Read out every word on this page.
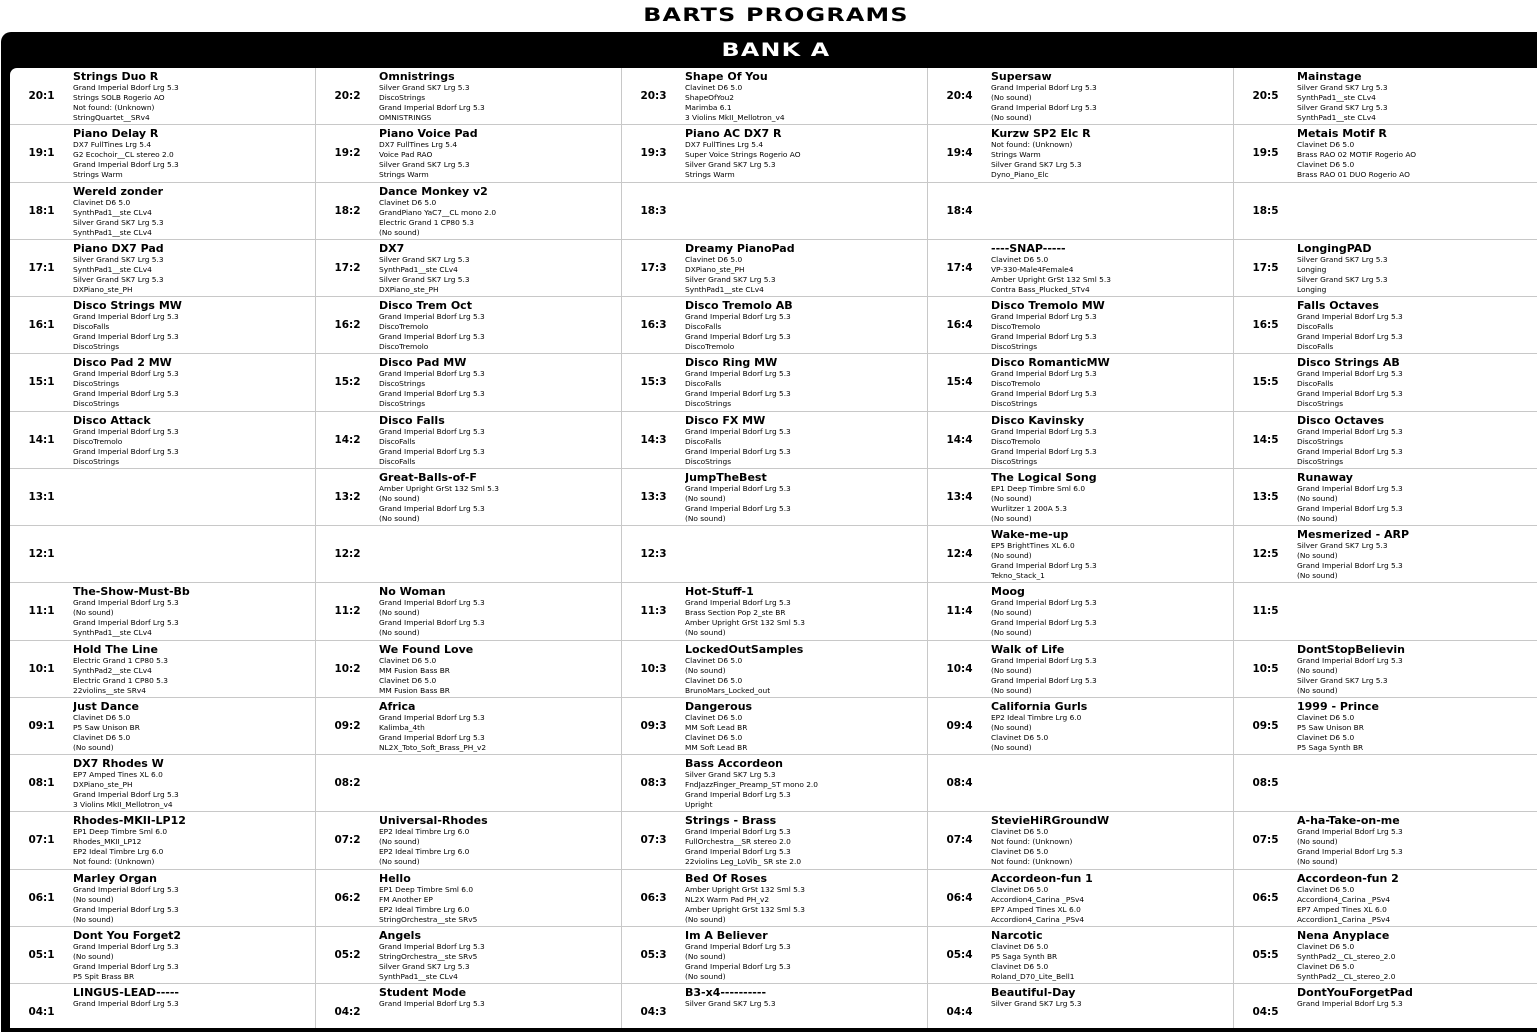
BARTS PROGRAMS
BANK A
20:1
Strings Duo R
Grand Imperial Bdorf Lrg 5.3
Strings SOLB Rogerio AO
Not found: (Unknown)
StringQuartet__SRv4
20:2
Omnistrings
Silver Grand SK7 Lrg 5.3
DiscoStrings
Grand Imperial Bdorf Lrg 5.3
OMNISTRINGS
20:3
Shape Of You
Clavinet D6 5.0
ShapeOfYou2
Marimba 6.1
3 Violins MkII_Mellotron_v4
20:4
Supersaw
Grand Imperial Bdorf Lrg 5.3
(No sound)
Grand Imperial Bdorf Lrg 5.3
(No sound)
20:5
Mainstage
Silver Grand SK7 Lrg 5.3
SynthPad1__ste CLv4
Silver Grand SK7 Lrg 5.3
SynthPad1__ste CLv4
19:1
Piano Delay R
DX7 FullTines Lrg 5.4
G2 Ecochoir__CL stereo 2.0
Grand Imperial Bdorf Lrg 5.3
Strings Warm
19:2
Piano Voice Pad
DX7 FullTines Lrg 5.4
Voice Pad RAO
Silver Grand SK7 Lrg 5.3
Strings Warm
19:3
Piano AC DX7 R
DX7 FullTines Lrg 5.4
Super Voice Strings Rogerio AO
Silver Grand SK7 Lrg 5.3
Strings Warm
19:4
Kurzw SP2 Elc R
Not found: (Unknown)
Strings Warm
Silver Grand SK7 Lrg 5.3
Dyno_Piano_Elc
19:5
Metais Motif R
Clavinet D6 5.0
Brass RAO 02 MOTIF Rogerio AO
Clavinet D6 5.0
Brass RAO 01 DUO Rogerio AO
18:1
Wereld zonder
Clavinet D6 5.0
SynthPad1__ste CLv4
Silver Grand SK7 Lrg 5.3
SynthPad1__ste CLv4
18:2
Dance Monkey v2
Clavinet D6 5.0
GrandPiano YaC7__CL mono 2.0
Electric Grand 1 CP80 5.3
(No sound)
18:3	18:4	18:5
17:1
Piano DX7 Pad
Silver Grand SK7 Lrg 5.3
SynthPad1__ste CLv4
Silver Grand SK7 Lrg 5.3
DXPiano_ste_PH
17:2
DX7
Silver Grand SK7 Lrg 5.3
SynthPad1__ste CLv4
Silver Grand SK7 Lrg 5.3
DXPiano_ste_PH
17:3
Dreamy PianoPad
Clavinet D6 5.0
DXPiano_ste_PH
Silver Grand SK7 Lrg 5.3
SynthPad1__ste CLv4
17:4
----SNAP-----
Clavinet D6 5.0
VP-330-Male4Female4
Amber Upright GrSt 132 Sml 5.3
Contra Bass_Plucked_STv4
17:5
LongingPAD
Silver Grand SK7 Lrg 5.3
Longing
Silver Grand SK7 Lrg 5.3
Longing
16:1
Disco Strings MW
Grand Imperial Bdorf Lrg 5.3
DiscoFalls
Grand Imperial Bdorf Lrg 5.3
DiscoStrings
16:2
Disco Trem Oct
Grand Imperial Bdorf Lrg 5.3
DiscoTremolo
Grand Imperial Bdorf Lrg 5.3
DiscoTremolo
16:3
Disco Tremolo AB
Grand Imperial Bdorf Lrg 5.3
DiscoFalls
Grand Imperial Bdorf Lrg 5.3
DiscoTremolo
16:4
Disco Tremolo MW
Grand Imperial Bdorf Lrg 5.3
DiscoTremolo
Grand Imperial Bdorf Lrg 5.3
DiscoStrings
16:5
Falls Octaves
Grand Imperial Bdorf Lrg 5.3
DiscoFalls
Grand Imperial Bdorf Lrg 5.3
DiscoFalls
15:1
Disco Pad 2 MW
Grand Imperial Bdorf Lrg 5.3
DiscoStrings
Grand Imperial Bdorf Lrg 5.3
DiscoStrings
15:2
Disco Pad MW
Grand Imperial Bdorf Lrg 5.3
DiscoStrings
Grand Imperial Bdorf Lrg 5.3
DiscoStrings
15:3
Disco Ring MW
Grand Imperial Bdorf Lrg 5.3
DiscoFalls
Grand Imperial Bdorf Lrg 5.3
DiscoStrings
15:4
Disco RomanticMW
Grand Imperial Bdorf Lrg 5.3
DiscoTremolo
Grand Imperial Bdorf Lrg 5.3
DiscoStrings
15:5
Disco Strings AB
Grand Imperial Bdorf Lrg 5.3
DiscoFalls
Grand Imperial Bdorf Lrg 5.3
DiscoStrings
14:1
Disco Attack
Grand Imperial Bdorf Lrg 5.3
DiscoTremolo
Grand Imperial Bdorf Lrg 5.3
DiscoStrings
14:2
Disco Falls
Grand Imperial Bdorf Lrg 5.3
DiscoFalls
Grand Imperial Bdorf Lrg 5.3
DiscoFalls
14:3
Disco FX MW
Grand Imperial Bdorf Lrg 5.3
DiscoFalls
Grand Imperial Bdorf Lrg 5.3
DiscoStrings
14:4
Disco Kavinsky
Grand Imperial Bdorf Lrg 5.3
DiscoTremolo
Grand Imperial Bdorf Lrg 5.3
DiscoStrings
14:5
Disco Octaves
Grand Imperial Bdorf Lrg 5.3
DiscoStrings
Grand Imperial Bdorf Lrg 5.3
DiscoStrings
13:1	13:2
Great-Balls-of-F
Amber Upright GrSt 132 Sml 5.3
(No sound)
Grand Imperial Bdorf Lrg 5.3
(No sound)
13:3
JumpTheBest
Grand Imperial Bdorf Lrg 5.3
(No sound)
Grand Imperial Bdorf Lrg 5.3
(No sound)
13:4
The Logical Song
EP1 Deep Timbre Sml 6.0
(No sound)
Wurlitzer 1 200A 5.3
(No sound)
13:5
Runaway
Grand Imperial Bdorf Lrg 5.3
(No sound)
Grand Imperial Bdorf Lrg 5.3
(No sound)
12:1	12:2	12:3	12:4
Wake-me-up
EP5 BrightTines XL 6.0
(No sound)
Grand Imperial Bdorf Lrg 5.3
Tekno_Stack_1
12:5
Mesmerized - ARP
Silver Grand SK7 Lrg 5.3
(No sound)
Grand Imperial Bdorf Lrg 5.3
(No sound)
11:1
The-Show-Must-Bb
Grand Imperial Bdorf Lrg 5.3
(No sound)
Grand Imperial Bdorf Lrg 5.3
SynthPad1__ste CLv4
11:2
No Woman
Grand Imperial Bdorf Lrg 5.3
(No sound)
Grand Imperial Bdorf Lrg 5.3
(No sound)
11:3
Hot-Stuff-1
Grand Imperial Bdorf Lrg 5.3
Brass Section Pop 2_ste BR
Amber Upright GrSt 132 Sml 5.3
(No sound)
11:4
Moog
Grand Imperial Bdorf Lrg 5.3
(No sound)
Grand Imperial Bdorf Lrg 5.3
(No sound)
11:5
10:1
Hold The Line
Electric Grand 1 CP80 5.3
SynthPad2__ste CLv4
Electric Grand 1 CP80 5.3
22violins__ste SRv4
10:2
We Found Love
Clavinet D6 5.0
MM Fusion Bass BR
Clavinet D6 5.0
MM Fusion Bass BR
10:3
LockedOutSamples
Clavinet D6 5.0
(No sound)
Clavinet D6 5.0
BrunoMars_Locked_out
10:4
Walk of Life
Grand Imperial Bdorf Lrg 5.3
(No sound)
Grand Imperial Bdorf Lrg 5.3
(No sound)
10:5
DontStopBelievin
Grand Imperial Bdorf Lrg 5.3
(No sound)
Silver Grand SK7 Lrg 5.3
(No sound)
09:1
Just Dance
Clavinet D6 5.0
P5 Saw Unison BR
Clavinet D6 5.0
(No sound)
09:2
Africa
Grand Imperial Bdorf Lrg 5.3
Kalimba_4th
Grand Imperial Bdorf Lrg 5.3
NL2X_Toto_Soft_Brass_PH_v2
09:3
Dangerous
Clavinet D6 5.0
MM Soft Lead BR
Clavinet D6 5.0
MM Soft Lead BR
09:4
California Gurls
EP2 Ideal Timbre Lrg 6.0
(No sound)
Clavinet D6 5.0
(No sound)
09:5
1999 - Prince
Clavinet D6 5.0
P5 Saw Unison BR
Clavinet D6 5.0
P5 Saga Synth BR
08:1
DX7 Rhodes W
EP7 Amped Tines XL 6.0
DXPiano_ste_PH
Grand Imperial Bdorf Lrg 5.3
3 Violins MkII_Mellotron_v4
08:2	08:3
Bass Accordeon
Silver Grand SK7 Lrg 5.3
FndJazzFinger_Preamp_ST mono 2.0
Grand Imperial Bdorf Lrg 5.3
Upright
08:4	08:5
07:1
Rhodes-MKII-LP12
EP1 Deep Timbre Sml 6.0
Rhodes_MKII_LP12
EP2 Ideal Timbre Lrg 6.0
Not found: (Unknown)
07:2
Universal-Rhodes
EP2 Ideal Timbre Lrg 6.0
(No sound)
EP2 Ideal Timbre Lrg 6.0
(No sound)
07:3
Strings - Brass
Grand Imperial Bdorf Lrg 5.3
FullOrchestra__SR stereo 2.0
Grand Imperial Bdorf Lrg 5.3
22violins Leg_LoVib_ SR ste 2.0
07:4
StevieHiRGroundW
Clavinet D6 5.0
Not found: (Unknown)
Clavinet D6 5.0
Not found: (Unknown)
07:5
A-ha-Take-on-me
Grand Imperial Bdorf Lrg 5.3
(No sound)
Grand Imperial Bdorf Lrg 5.3
(No sound)
06:1
Marley Organ
Grand Imperial Bdorf Lrg 5.3
(No sound)
Grand Imperial Bdorf Lrg 5.3
(No sound)
06:2
Hello
EP1 Deep Timbre Sml 6.0
FM Another EP
EP2 Ideal Timbre Lrg 6.0
StringOrchestra__ste SRv5
06:3
Bed Of Roses
Amber Upright GrSt 132 Sml 5.3
NL2X Warm Pad PH_v2
Amber Upright GrSt 132 Sml 5.3
(No sound)
06:4
Accordeon-fun 1
Clavinet D6 5.0
Accordion4_Carina _PSv4
EP7 Amped Tines XL 6.0
Accordion4_Carina _PSv4
06:5
Accordeon-fun 2
Clavinet D6 5.0
Accordion4_Carina _PSv4
EP7 Amped Tines XL 6.0
Accordion1_Carina _PSv4
05:1
Dont You Forget2
Grand Imperial Bdorf Lrg 5.3
(No sound)
Grand Imperial Bdorf Lrg 5.3
P5 Spit Brass BR
05:2
Angels
Grand Imperial Bdorf Lrg 5.3
StringOrchestra__ste SRv5
Silver Grand SK7 Lrg 5.3
SynthPad1__ste CLv4
05:3
Im A Believer
Grand Imperial Bdorf Lrg 5.3
(No sound)
Grand Imperial Bdorf Lrg 5.3
(No sound)
05:4
Narcotic
Clavinet D6 5.0
P5 Saga Synth BR
Clavinet D6 5.0
Roland_D70_Lite_Bell1
05:5
Nena Anyplace
Clavinet D6 5.0
SynthPad2__CL_stereo_2.0
Clavinet D6 5.0
SynthPad2__CL_stereo_2.0
04:1
LINGUS-LEAD-----
Grand Imperial Bdorf Lrg 5.3
04:2
Student Mode
Grand Imperial Bdorf Lrg 5.3
04:3
B3-x4----------
Silver Grand SK7 Lrg 5.3
04:4
Beautiful-Day
Silver Grand SK7 Lrg 5.3
04:5
DontYouForgetPad
Grand Imperial Bdorf Lrg 5.3
